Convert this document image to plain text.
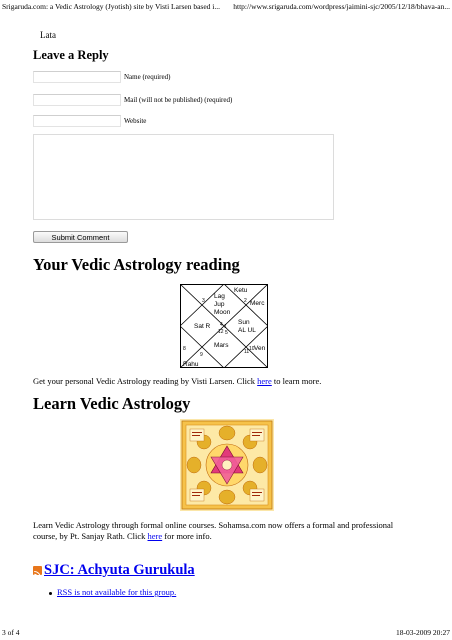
Srigaruda.com: a Vedic Astrology (Jyotish) site by Visti Larsen based i... http://www.srigaruda.com/wordpress/jaimini-sjc/2005/12/18/bhava-an...
Lata
Leave a Reply
Name (required)
Mail (will not be published) (required)
Website
Submit Comment
Your Vedic Astrology reading
3	2
4 1
12 5
9	11 10
8
Ketu
Lag
Jup
Moon
Merc
Sat R
Sun
AL UL
Mars	Ven
Rahu

Get your personal Vedic Astrology reading by Visti Larsen. Click here to learn more.

Learn Vedic Astrology

Learn Vedic Astrology through formal online courses. Sohamsa.com now offers a formal and professional
course, by Pt. Sanjay Rath. Click here for more info.

SJC: Achyuta Gurukula
RSS is not available for this group.
3 of 4	18-03-2009 20:27
